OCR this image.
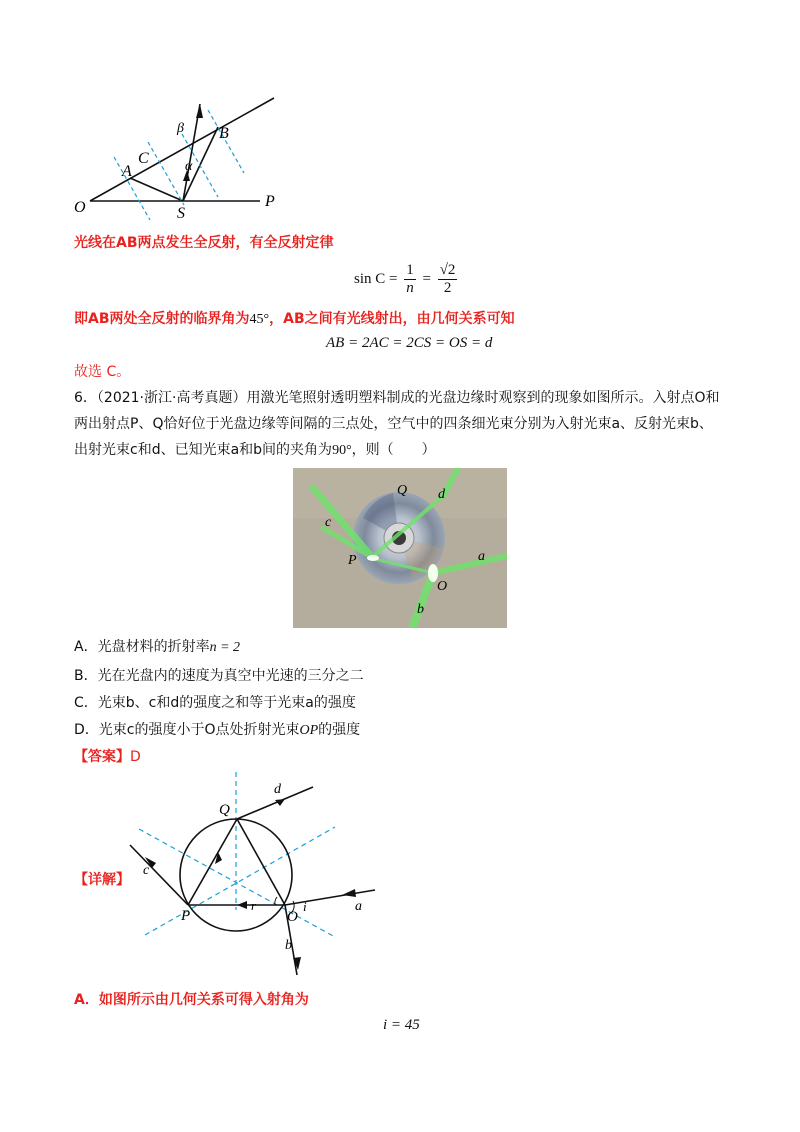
O	P
S
A
B
C	α
β
光线在AB两点发生全反射，有全反射定律
$\sin C = \frac{1}{n} = \frac{√2}{2}$
即AB两处全反射的临界角为45°，AB之间有光线射出，由几何关系可知
AB = 2AC = 2CS = OS = d
故选 C。
6．（2021·浙江·高考真题）用激光笔照射透明塑料制成的光盘边缘时观察到的现象如图所示。入射点O和
两出射点P、Q恰好位于光盘边缘等间隔的三点处，空气中的四条细光束分别为入射光束a、反射光束b、
出射光束c和d、已知光束a和b间的夹角为90°，则（　　）
Q d
c
P	a
O
b
A．光盘材料的折射率n = 2
B．光在光盘内的速度为真空中光速的三分之二
C．光束b、c和d的强度之和等于光束a的强度
D．光束c的强度小于O点处折射光束OP的强度
【答案】D
【详解】
Q
d
c
P
r
O
i	a
b
A．如图所示由几何关系可得入射角为
i = 45
